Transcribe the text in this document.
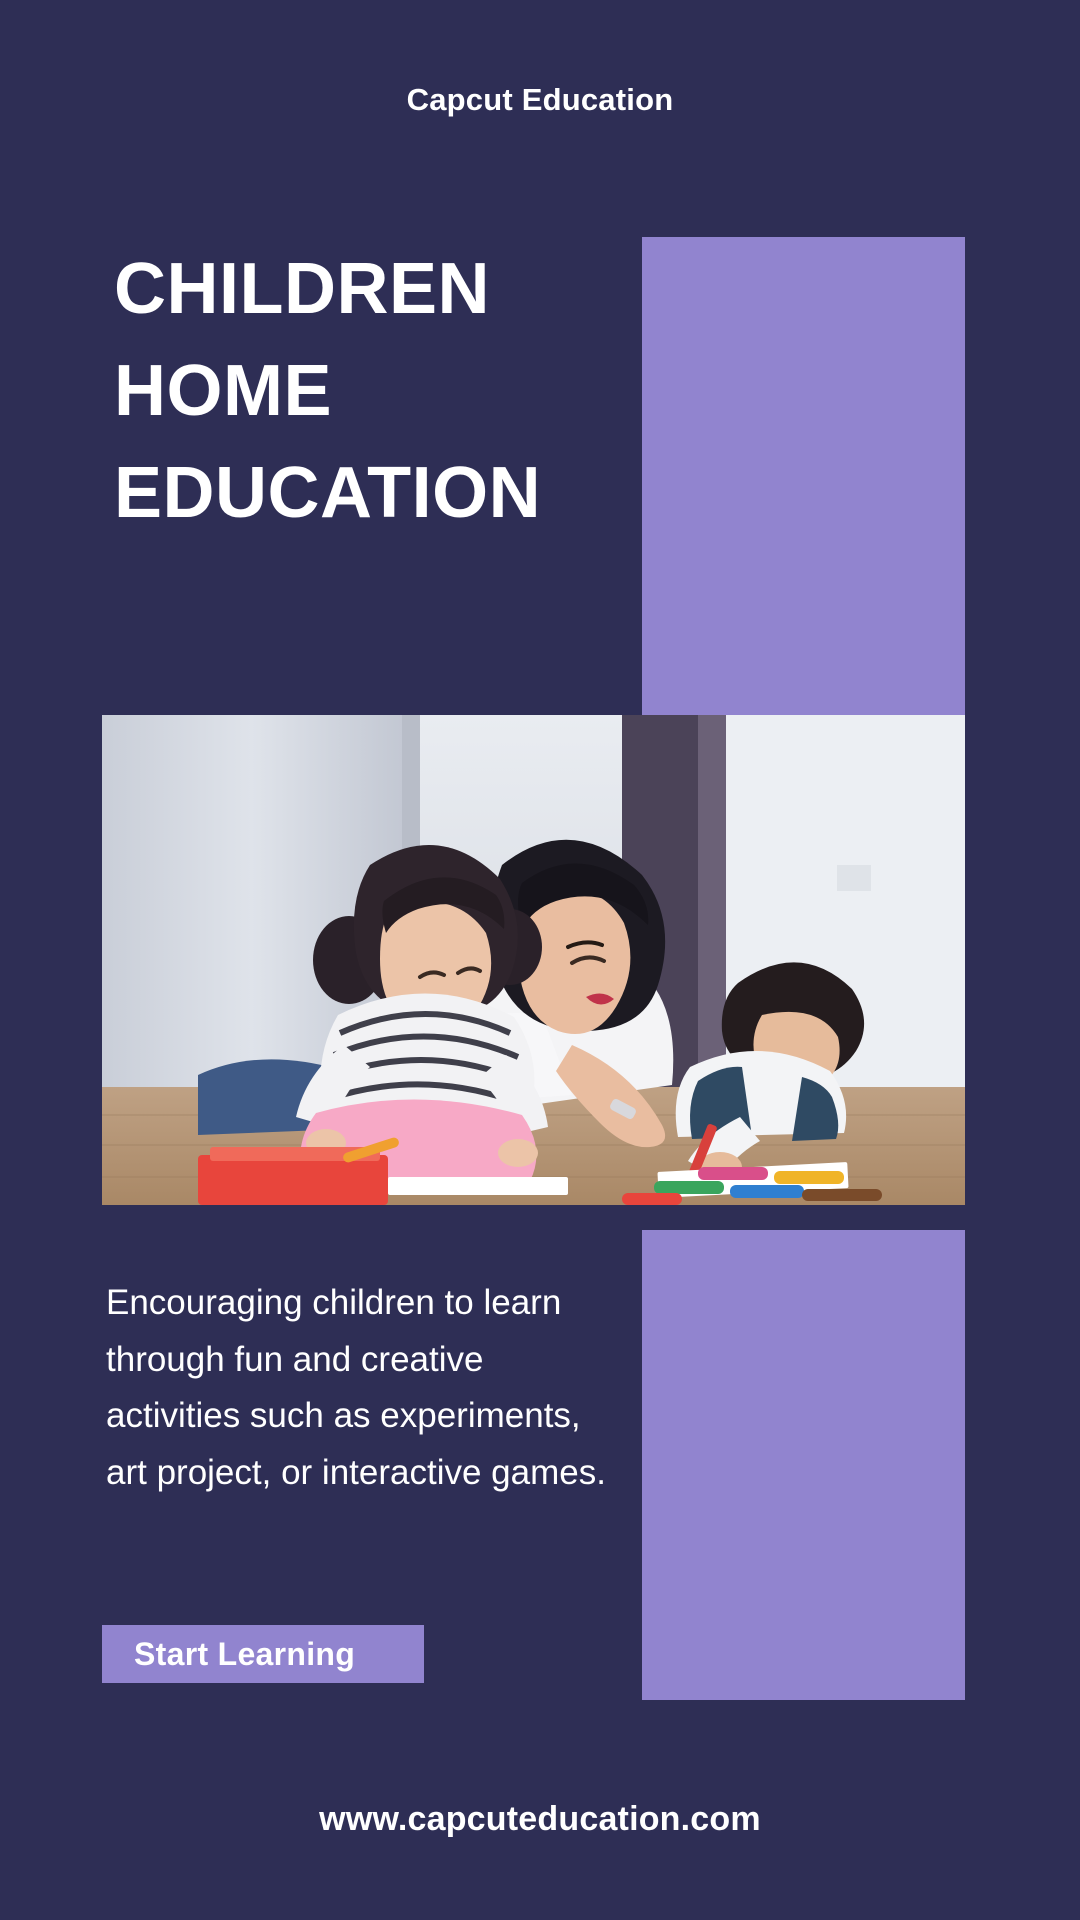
Capcut Education
CHILDREN
HOME
EDUCATION
Encouraging children to learn through fun and creative activities such as experiments, art project, or interactive games.
Start Learning
www.capcuteducation.com
